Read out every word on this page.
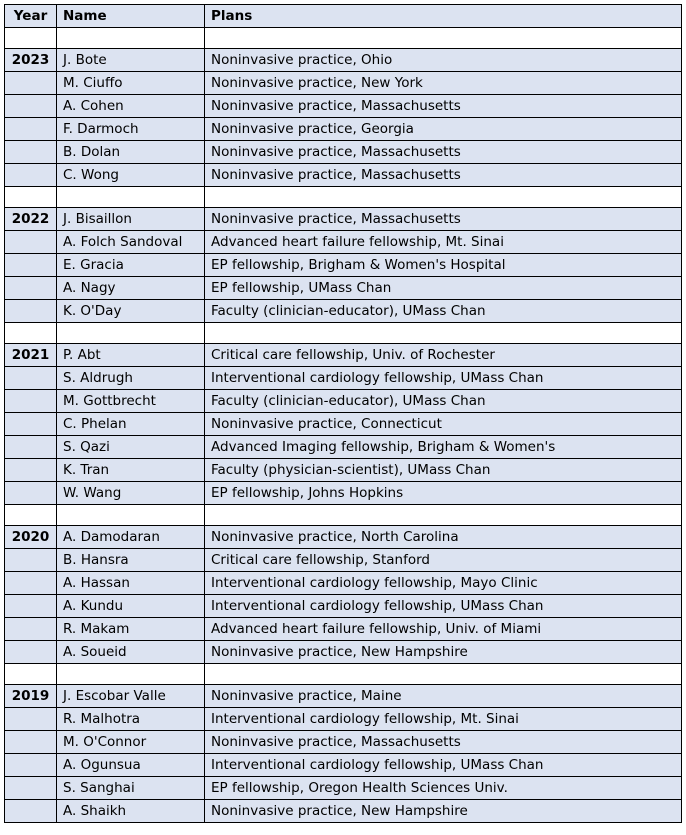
Year	Name	Plans

2023	J. Bote	Noninvasive practice, Ohio
	M. Ciuffo	Noninvasive practice, New York
	A. Cohen	Noninvasive practice, Massachusetts
	F. Darmoch	Noninvasive practice, Georgia
	B. Dolan	Noninvasive practice, Massachusetts
	C. Wong	Noninvasive practice, Massachusetts

2022	J. Bisaillon	Noninvasive practice, Massachusetts
	A. Folch Sandoval	Advanced heart failure fellowship, Mt. Sinai
	E. Gracia	EP fellowship, Brigham & Women's Hospital
	A. Nagy	EP fellowship, UMass Chan
	K. O'Day	Faculty (clinician-educator), UMass Chan

2021	P. Abt	Critical care fellowship, Univ. of Rochester
	S. Aldrugh	Interventional cardiology fellowship, UMass Chan
	M. Gottbrecht	Faculty (clinician-educator), UMass Chan
	C. Phelan	Noninvasive practice, Connecticut
	S. Qazi	Advanced Imaging fellowship, Brigham & Women's
	K. Tran	Faculty (physician-scientist), UMass Chan
	W. Wang	EP fellowship, Johns Hopkins

2020	A. Damodaran	Noninvasive practice, North Carolina
	B. Hansra	Critical care fellowship, Stanford
	A. Hassan	Interventional cardiology fellowship, Mayo Clinic
	A. Kundu	Interventional cardiology fellowship, UMass Chan
	R. Makam	Advanced heart failure fellowship, Univ. of Miami
	A. Soueid	Noninvasive practice, New Hampshire

2019	J. Escobar Valle	Noninvasive practice, Maine
	R. Malhotra	Interventional cardiology fellowship, Mt. Sinai
	M. O'Connor	Noninvasive practice, Massachusetts
	A. Ogunsua	Interventional cardiology fellowship, UMass Chan
	S. Sanghai	EP fellowship, Oregon Health Sciences Univ.
	A. Shaikh	Noninvasive practice, New Hampshire
